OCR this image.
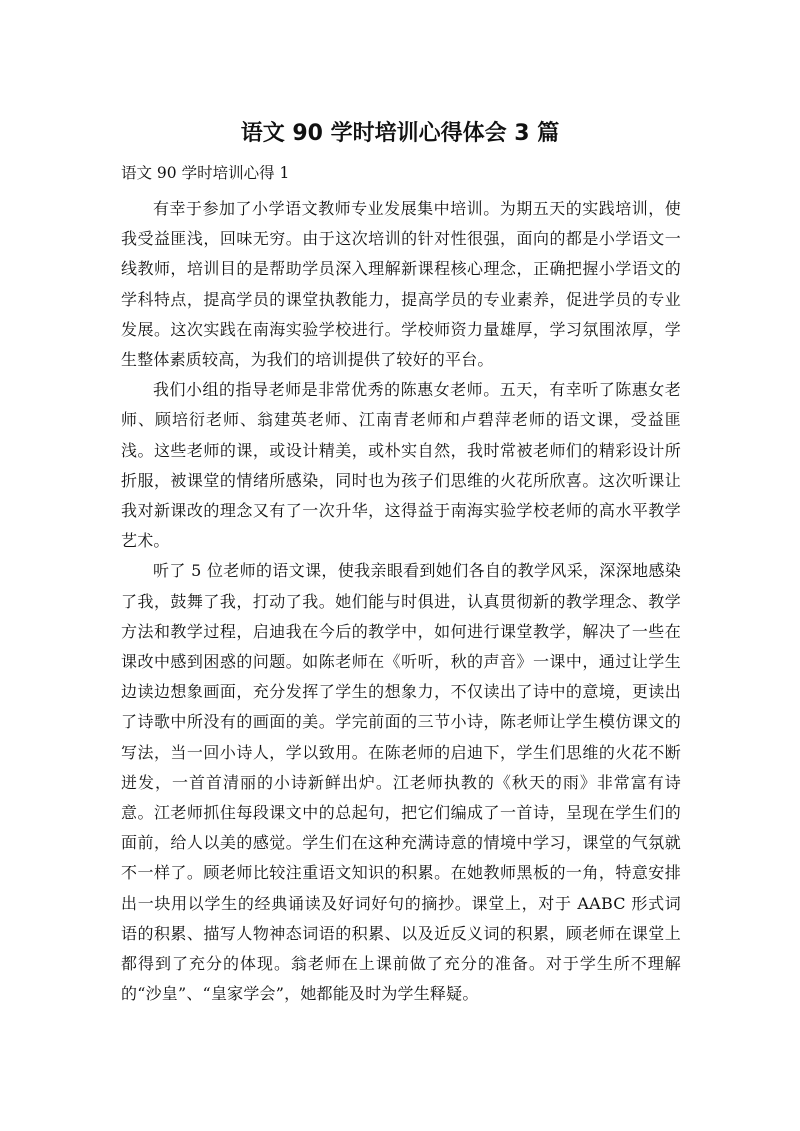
语文 90 学时培训心得体会 3 篇

语文 90 学时培训心得 1

有幸于参加了小学语文教师专业发展集中培训。为期五天的实践培训，使我受益匪浅，回味无穷。由于这次培训的针对性很强，面向的都是小学语文一线教师，培训目的是帮助学员深入理解新课程核心理念，正确把握小学语文的学科特点，提高学员的课堂执教能力，提高学员的专业素养，促进学员的专业发展。这次实践在南海实验学校进行。学校师资力量雄厚，学习氛围浓厚，学生整体素质较高，为我们的培训提供了较好的平台。

我们小组的指导老师是非常优秀的陈惠女老师。五天，有幸听了陈惠女老师、顾培衍老师、翁建英老师、江南青老师和卢碧萍老师的语文课，受益匪浅。这些老师的课，或设计精美，或朴实自然，我时常被老师们的精彩设计所折服，被课堂的情绪所感染，同时也为孩子们思维的火花所欣喜。这次听课让我对新课改的理念又有了一次升华，这得益于南海实验学校老师的高水平教学艺术。

听了 5 位老师的语文课，使我亲眼看到她们各自的教学风采，深深地感染了我，鼓舞了我，打动了我。她们能与时俱进，认真贯彻新的教学理念、教学方法和教学过程，启迪我在今后的教学中，如何进行课堂教学，解决了一些在课改中感到困惑的问题。如陈老师在《听听，秋的声音》一课中，通过让学生边读边想象画面，充分发挥了学生的想象力，不仅读出了诗中的意境，更读出了诗歌中所没有的画面的美。学完前面的三节小诗，陈老师让学生模仿课文的写法，当一回小诗人，学以致用。在陈老师的启迪下，学生们思维的火花不断迸发，一首首清丽的小诗新鲜出炉。江老师执教的《秋天的雨》非常富有诗意。江老师抓住每段课文中的总起句，把它们编成了一首诗，呈现在学生们的面前，给人以美的感觉。学生们在这种充满诗意的情境中学习，课堂的气氛就不一样了。顾老师比较注重语文知识的积累。在她教师黑板的一角，特意安排出一块用以学生的经典诵读及好词好句的摘抄。课堂上，对于 AABC 形式词语的积累、描写人物神态词语的积累、以及近反义词的积累，顾老师在课堂上都得到了充分的体现。翁老师在上课前做了充分的准备。对于学生所不理解的“沙皇”、“皇家学会”，她都能及时为学生释疑。
